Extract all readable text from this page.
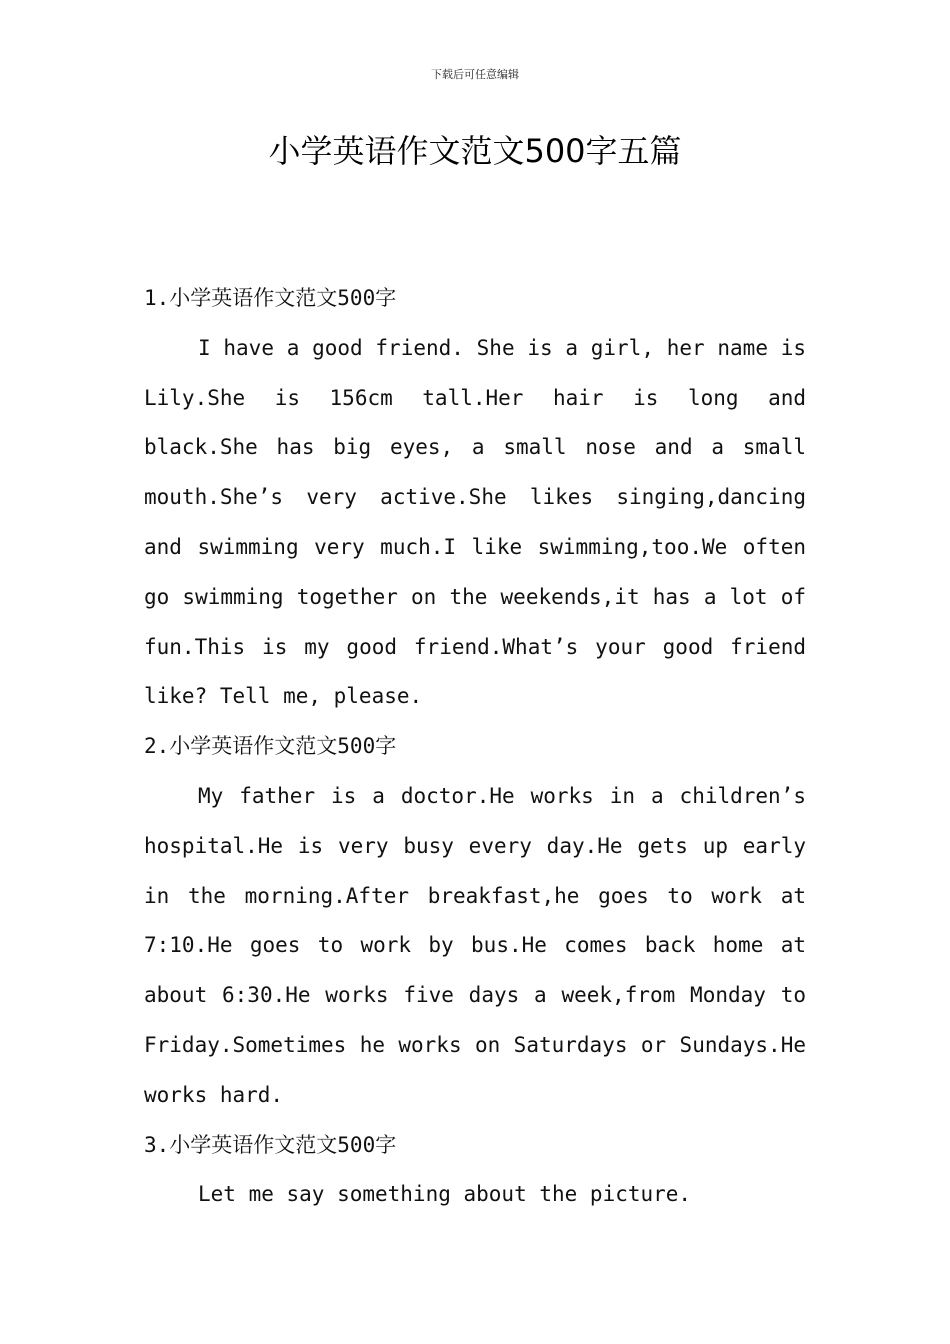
下载后可任意编辑
小学英语作文范文500字五篇
1.小学英语作文范文500字

I have a good friend. She is a girl, her name is Lily.She is 156cm tall.Her hair is long and black.She has big eyes, a small nose and a small mouth.She’s very active.She likes singing,dancing and swimming very much.I like swimming,too.We often go swimming together on the weekends,it has a lot of fun.This is my good friend.What’s your good friend like? Tell me, please.

2.小学英语作文范文500字

My father is a doctor.He works in a children’s hospital.He is very busy every day.He gets up early in the morning.After breakfast,he goes to work at 7:10.He goes to work by bus.He comes back home at about 6:30.He works five days a week,from Monday to Friday.Sometimes he works on Saturdays or Sundays.He works hard.

3.小学英语作文范文500字

Let me say something about the picture.
